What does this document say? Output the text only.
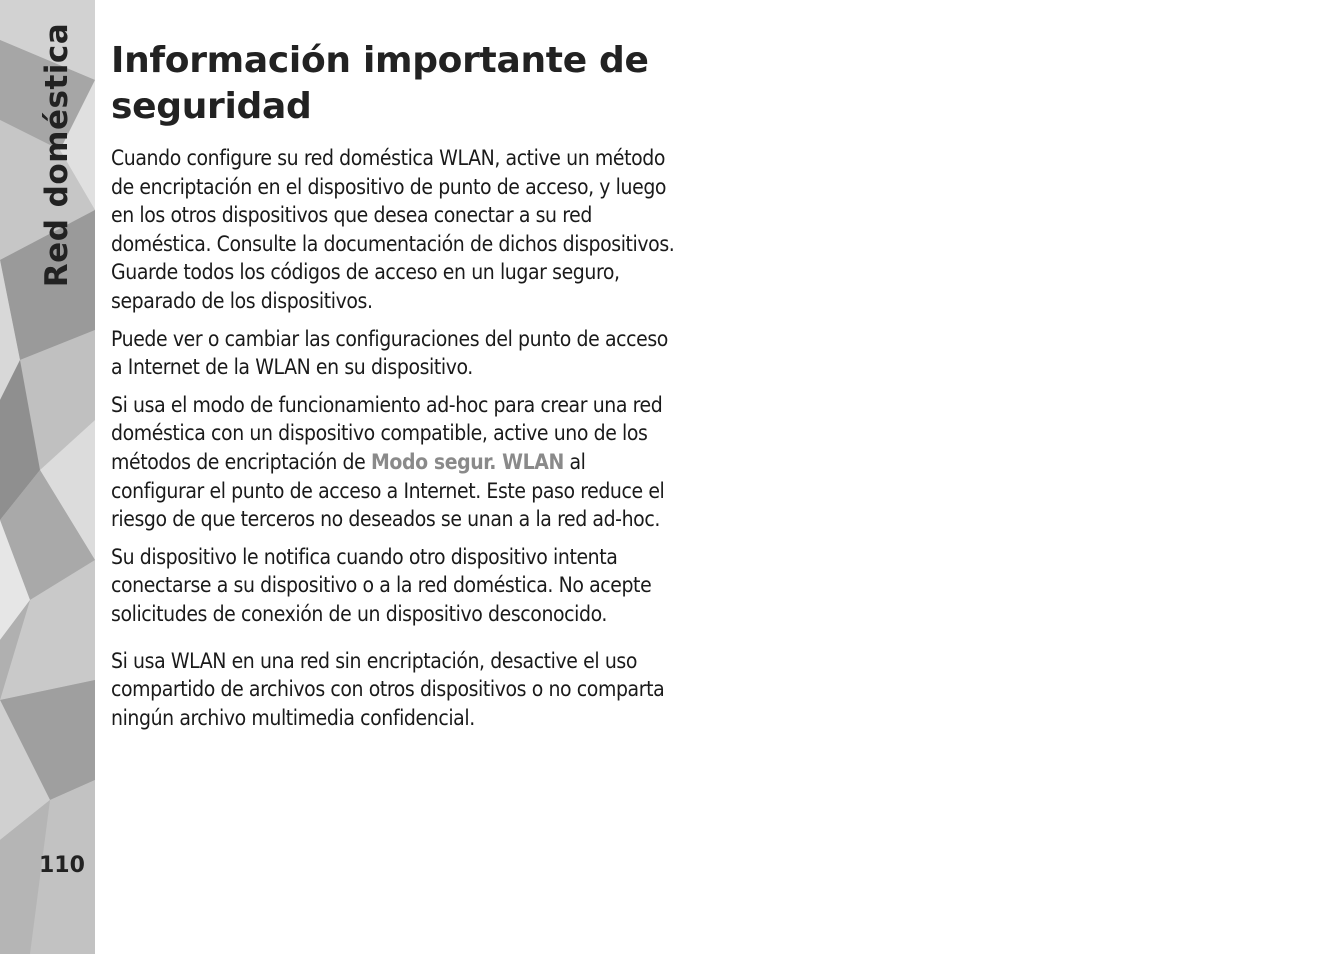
Red doméstica
110
Información importante de seguridad

Cuando configure su red doméstica WLAN, active un método de encriptación en el dispositivo de punto de acceso, y luego en los otros dispositivos que desea conectar a su red doméstica. Consulte la documentación de dichos dispositivos. Guarde todos los códigos de acceso en un lugar seguro, separado de los dispositivos.

Puede ver o cambiar las configuraciones del punto de acceso a Internet de la WLAN en su dispositivo.

Si usa el modo de funcionamiento ad-hoc para crear una red doméstica con un dispositivo compatible, active uno de los métodos de encriptación de Modo segur. WLAN al configurar el punto de acceso a Internet. Este paso reduce el riesgo de que terceros no deseados se unan a la red ad-hoc.

Su dispositivo le notifica cuando otro dispositivo intenta conectarse a su dispositivo o a la red doméstica. No acepte solicitudes de conexión de un dispositivo desconocido.

Si usa WLAN en una red sin encriptación, desactive el uso compartido de archivos con otros dispositivos o no comparta ningún archivo multimedia confidencial.
